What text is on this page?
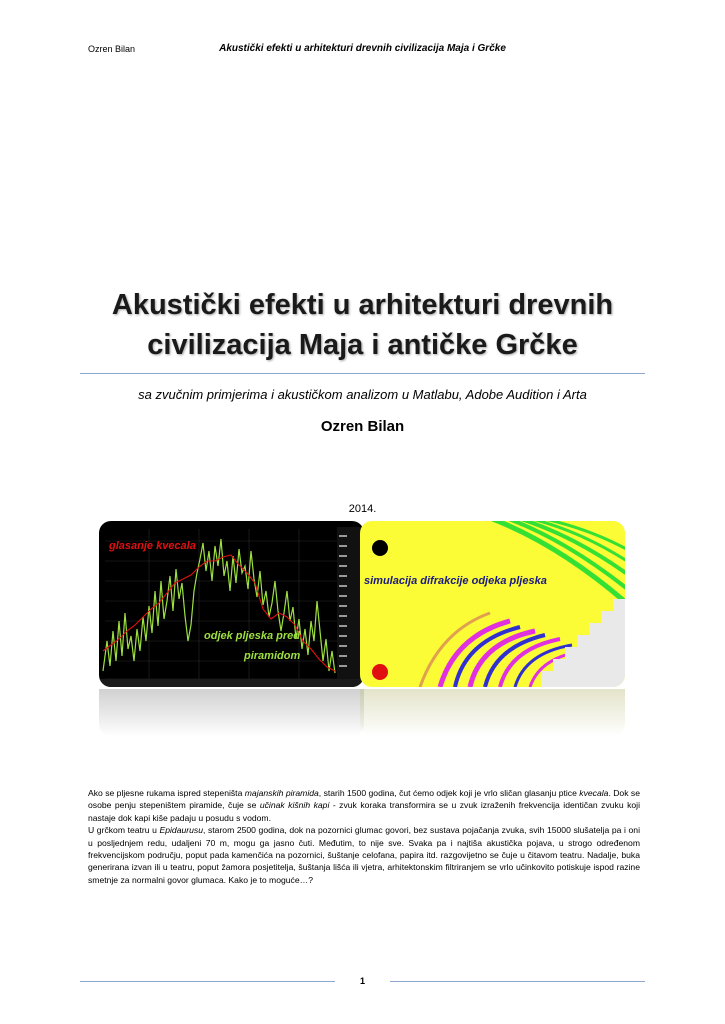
Ozren Bilan	Akustički efekti u arhitekturi drevnih civilizacija Maja i Grčke
Akustički efekti u arhitekturi drevnih
civilizacija Maja i antičke Grčke
sa zvučnim primjerima i akustičkom analizom u Matlabu, Adobe Audition i Arta
Ozren Bilan
2014.
glasanje kvecala
odjek pljeska pred
piramidom
simulacija difrakcije odjeka pljeska

Ako se pljesne rukama ispred stepeništa majanskih piramida, starih 1500 godina, čut ćemo odjek koji je vrlo sličan glasanju ptice kvecala. Dok se osobe penju stepeništem piramide, čuje se učinak kišnih kapi - zvuk koraka transformira se u zvuk izraženih frekvencija identičan zvuku koji nastaje dok kapi kiše padaju u posudu s vodom.

U grčkom teatru u Epidaurusu, starom 2500 godina, dok na pozornici glumac govori, bez sustava pojačanja zvuka, svih 15000 slušatelja pa i oni u posljednjem redu, udaljeni 70 m, mogu ga jasno čuti. Međutim, to nije sve. Svaka pa i najtiša akustička pojava, u strogo određenom frekvencijskom području, poput pada kamenčića na pozornici, šuštanje celofana, papira itd. razgovijetno se čuje u čitavom teatru. Nadalje, buka generirana izvan ili u teatru, poput žamora posjetitelja, šuštanja lišća ili vjetra, arhitektonskim filtriranjem se vrlo učinkovito potiskuje ispod razine smetnje za normalni govor glumaca. Kako je to moguće…?

1
